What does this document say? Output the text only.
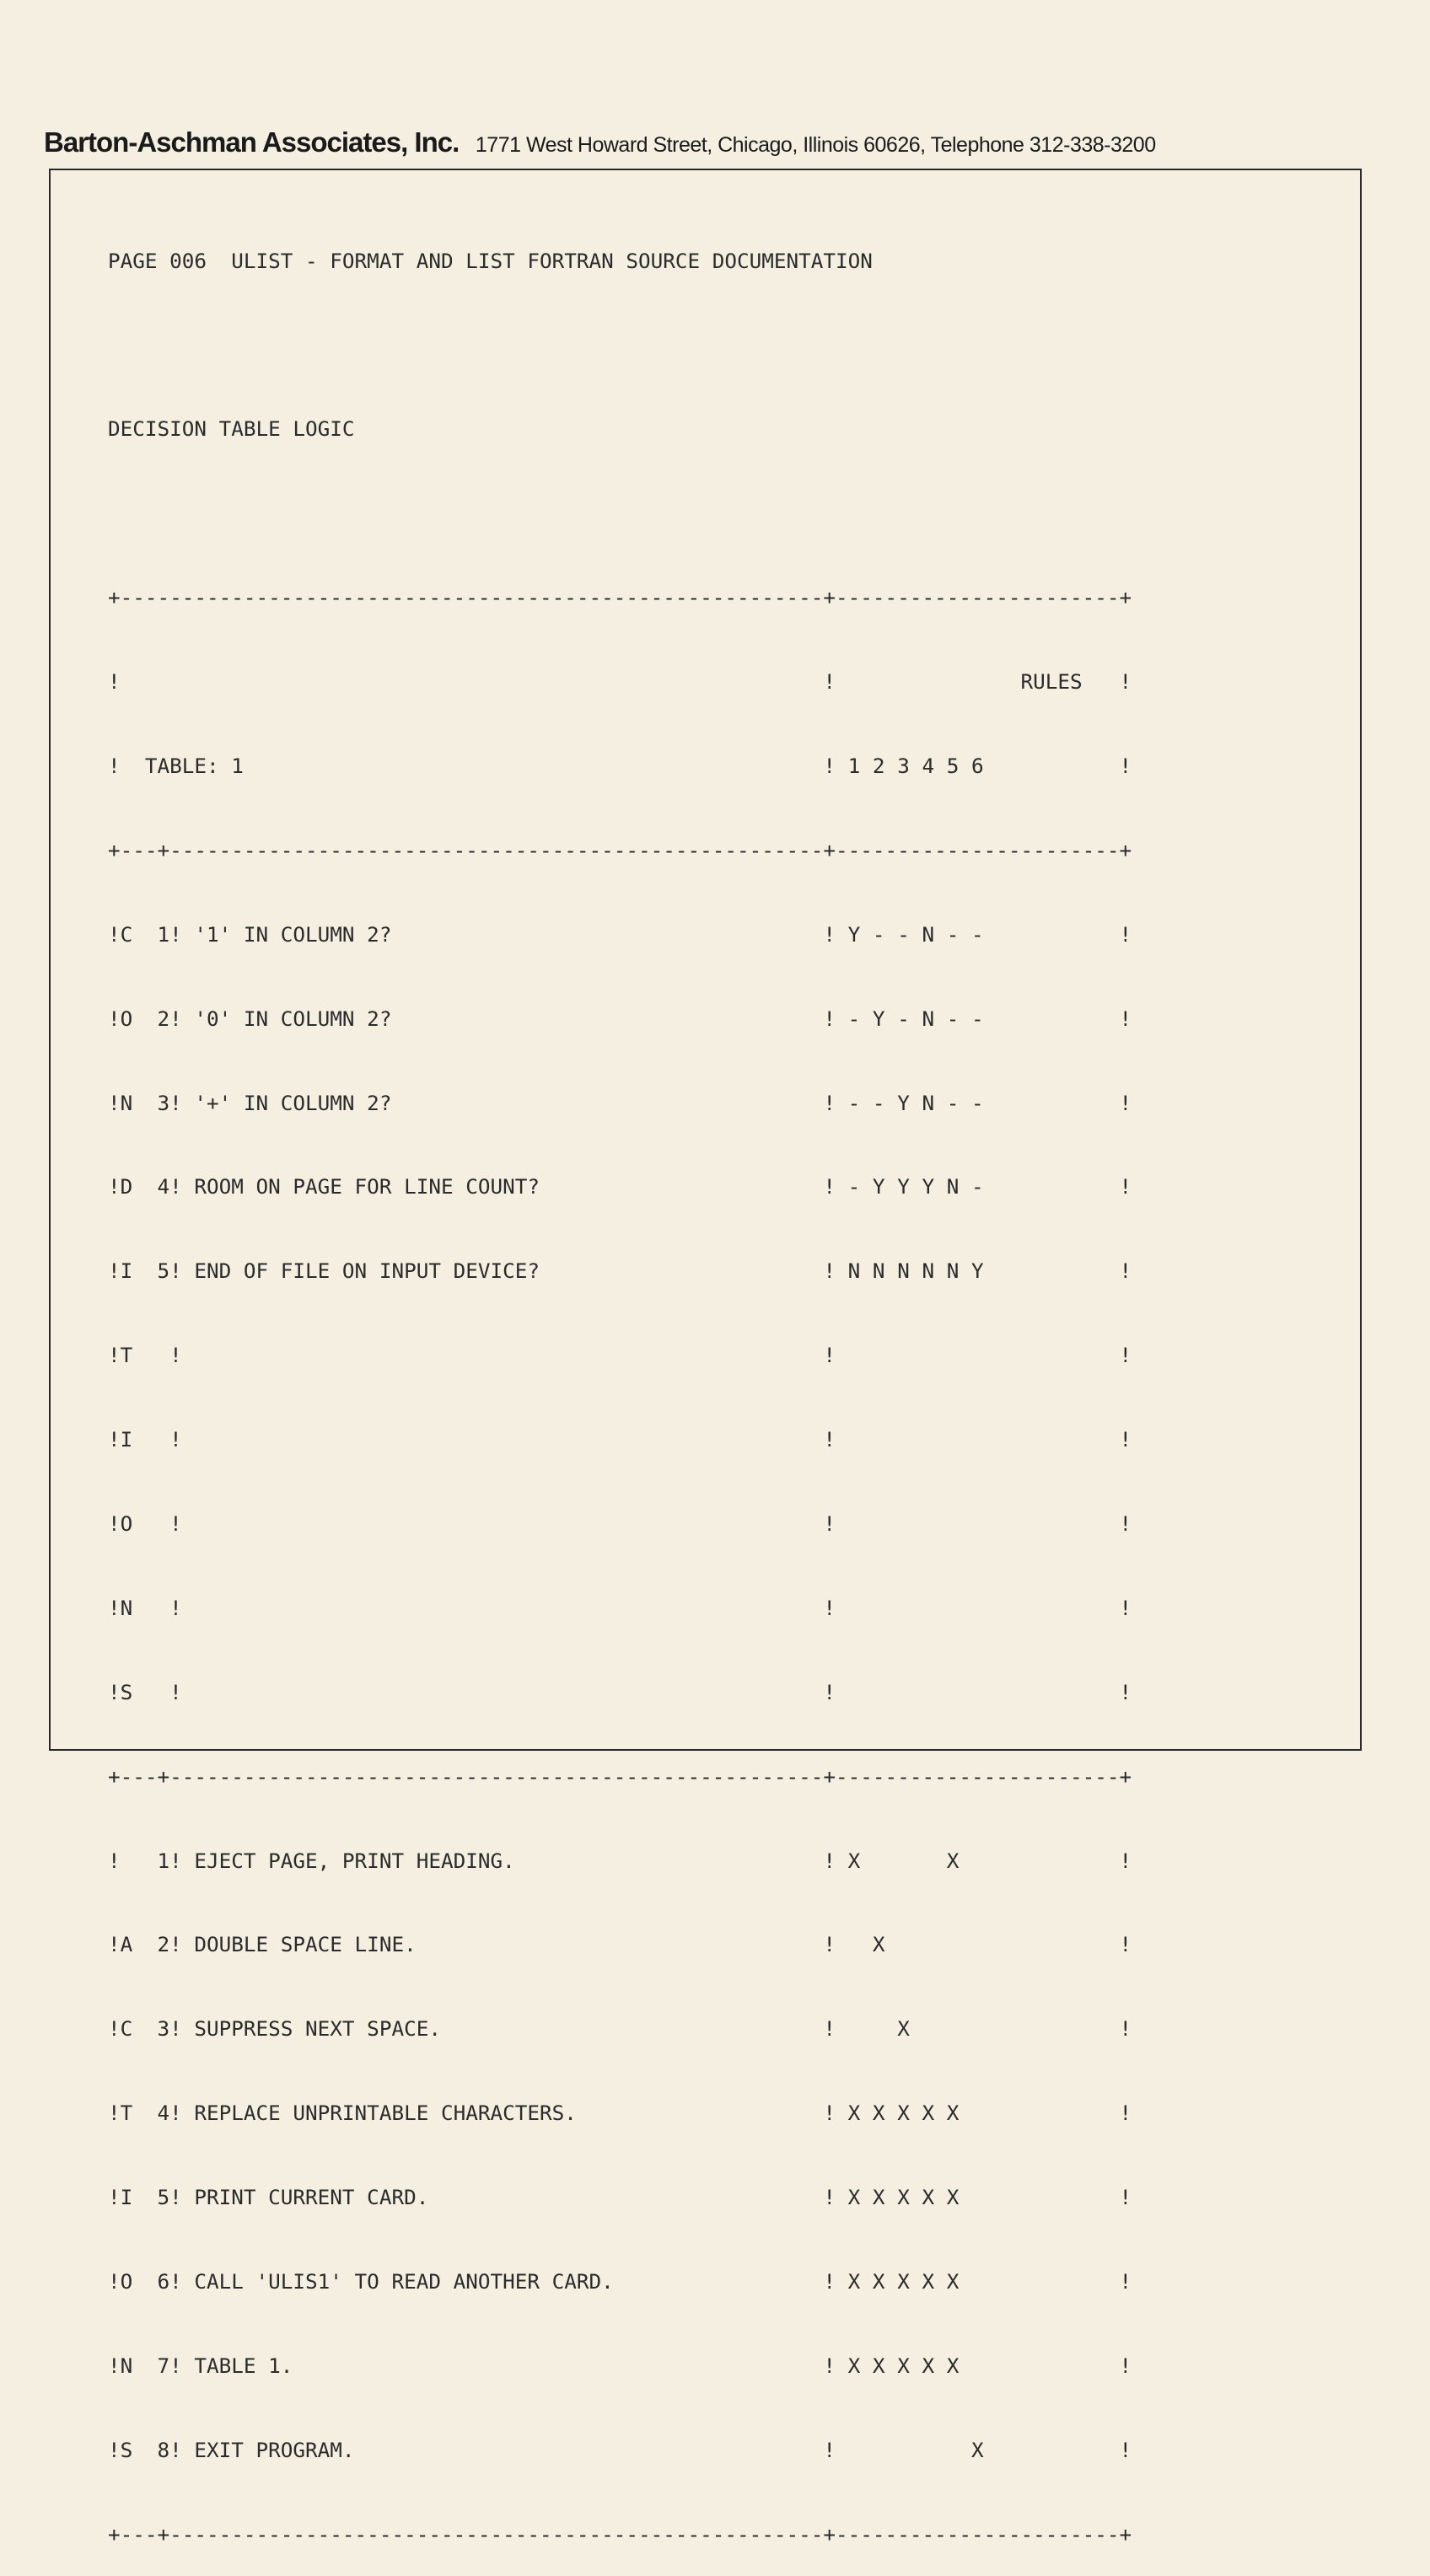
Barton-Aschman Associates, Inc. 1771 West Howard Street, Chicago, Illinois 60626, Telephone 312-338-3200

PAGE 006  ULIST - FORMAT AND LIST FORTRAN SOURCE DOCUMENTATION

DECISION TABLE LOGIC

+---------------------------------------------------------+-----------------------+

!                                                         !               RULES   !

!  TABLE: 1                                               ! 1 2 3 4 5 6           !

+---+-----------------------------------------------------+-----------------------+

!C  1! '1' IN COLUMN 2?                                   ! Y - - N - -           !

!O  2! '0' IN COLUMN 2?                                   ! - Y - N - -           !

!N  3! '+' IN COLUMN 2?                                   ! - - Y N - -           !

!D  4! ROOM ON PAGE FOR LINE COUNT?                       ! - Y Y Y N -           !

!I  5! END OF FILE ON INPUT DEVICE?                       ! N N N N N Y           !

!T   !                                                    !                       !

!I   !                                                    !                       !

!O   !                                                    !                       !

!N   !                                                    !                       !

!S   !                                                    !                       !

+---+-----------------------------------------------------+-----------------------+

!   1! EJECT PAGE, PRINT HEADING.                         ! X       X             !

!A  2! DOUBLE SPACE LINE.                                 !   X                   !

!C  3! SUPPRESS NEXT SPACE.                               !     X                 !

!T  4! REPLACE UNPRINTABLE CHARACTERS.                    ! X X X X X             !

!I  5! PRINT CURRENT CARD.                                ! X X X X X             !

!O  6! CALL 'ULIS1' TO READ ANOTHER CARD.                 ! X X X X X             !

!N  7! TABLE 1.                                           ! X X X X X             !

!S  8! EXIT PROGRAM.                                      !           X           !

+---+-----------------------------------------------------+-----------------------+
